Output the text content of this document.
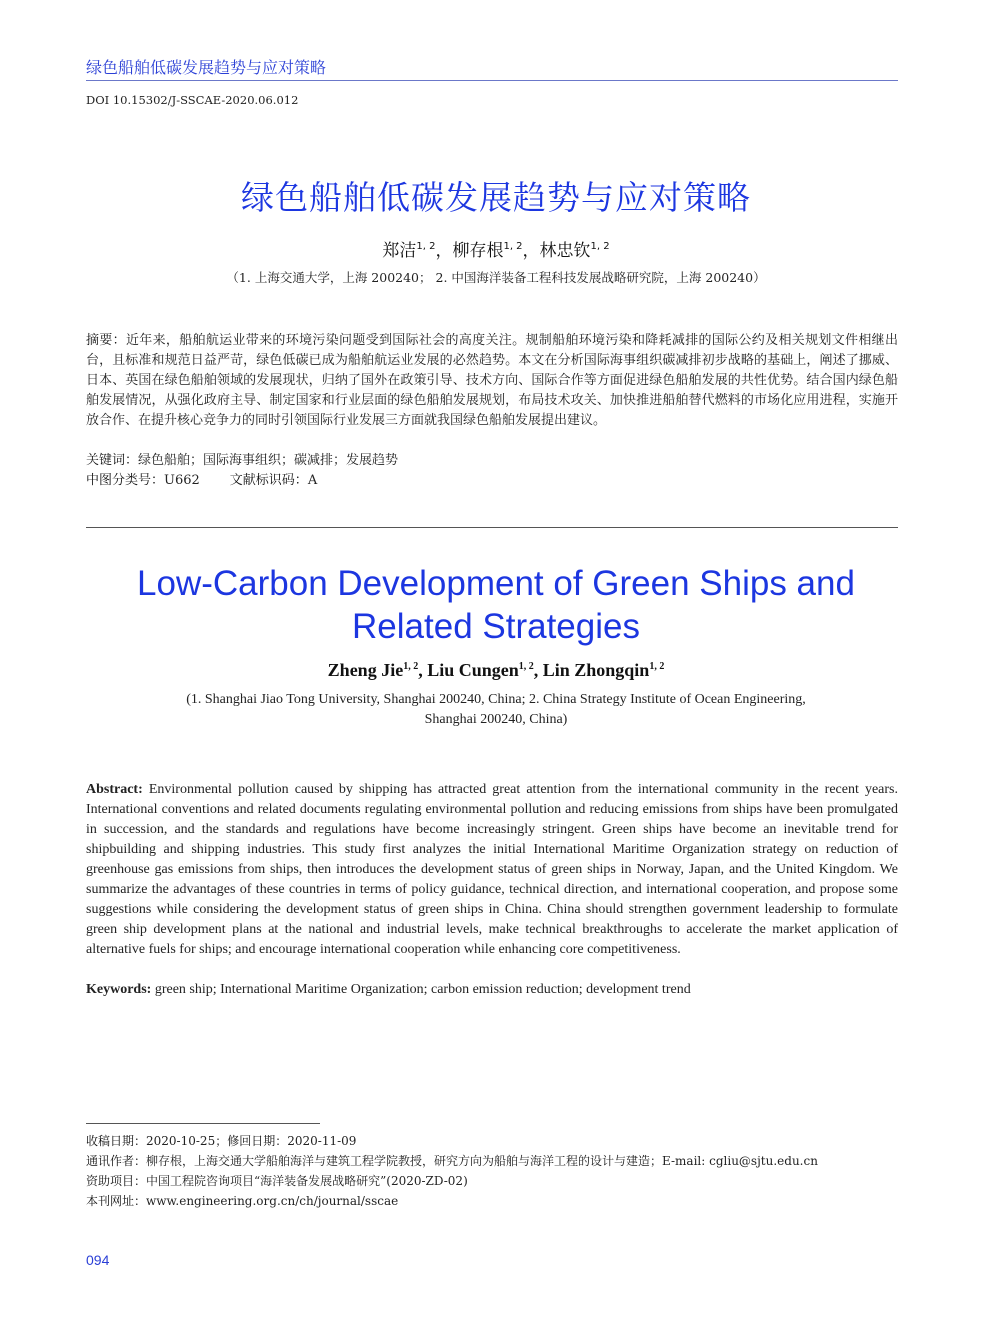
绿色船舶低碳发展趋势与应对策略
DOI 10.15302/J-SSCAE-2020.06.012
绿色船舶低碳发展趋势与应对策略
郑洁$^{1, 2}$，柳存根$^{1, 2}$，林忠钦$^{1, 2}$
（1. 上海交通大学，上海 200240； 2. 中国海洋装备工程科技发展战略研究院，上海 200240）
摘要：近年来，船舶航运业带来的环境污染问题受到国际社会的高度关注。规制船舶环境污染和降耗减排的国际公约及相关规划文件相继出台，且标准和规范日益严苛，绿色低碳已成为船舶航运业发展的必然趋势。本文在分析国际海事组织碳减排初步战略的基础上，阐述了挪威、日本、英国在绿色船舶领域的发展现状，归纳了国外在政策引导、技术方向、国际合作等方面促进绿色船舶发展的共性优势。结合国内绿色船舶发展情况，从强化政府主导、制定国家和行业层面的绿色船舶发展规划，布局技术攻关、加快推进船舶替代燃料的市场化应用进程，实施开放合作、在提升核心竞争力的同时引领国际行业发展三方面就我国绿色船舶发展提出建议。
关键词：绿色船舶；国际海事组织；碳减排；发展趋势
中图分类号：U662 文献标识码：A
Low-Carbon Development of Green Ships and
Related Strategies
Zheng Jie$^{1, 2}$, Liu Cungen$^{1, 2}$, Lin Zhongqin$^{1, 2}$
(1. Shanghai Jiao Tong University, Shanghai 200240, China; 2. China Strategy Institute of Ocean Engineering,
Shanghai 200240, China)
Abstract: Environmental pollution caused by shipping has attracted great attention from the international community in the recent years. International conventions and related documents regulating environmental pollution and reducing emissions from ships have been promulgated in succession, and the standards and regulations have become increasingly stringent. Green ships have become an inevitable trend for shipbuilding and shipping industries. This study first analyzes the initial International Maritime Organization strategy on reduction of greenhouse gas emissions from ships, then introduces the development status of green ships in Norway, Japan, and the United Kingdom. We summarize the advantages of these countries in terms of policy guidance, technical direction, and international cooperation, and propose some suggestions while considering the development status of green ships in China. China should strengthen government leadership to formulate green ship development plans at the national and industrial levels, make technical breakthroughs to accelerate the market application of alternative fuels for ships; and encourage international cooperation while enhancing core competitiveness.
Keywords: green ship; International Maritime Organization; carbon emission reduction; development trend
收稿日期：2020-10-25；修回日期：2020-11-09
通讯作者：柳存根，上海交通大学船舶海洋与建筑工程学院教授，研究方向为船舶与海洋工程的设计与建造；E-mail: cgliu@sjtu.edu.cn
资助项目：中国工程院咨询项目“海洋装备发展战略研究”(2020-ZD-02)
本刊网址：www.engineering.org.cn/ch/journal/sscae
094
